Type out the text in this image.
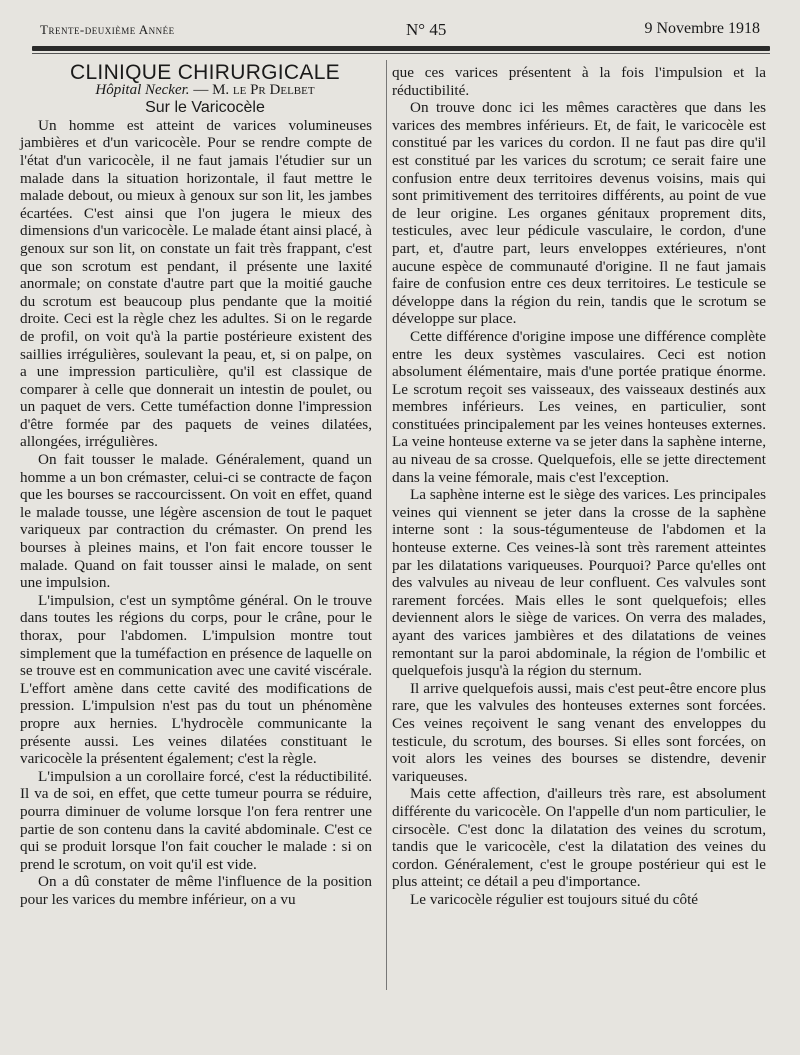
Trente-deuxième Année	N° 45	9 Novembre 1918

CLINIQUE CHIRURGICALE

Hôpital Necker. — M. le Pr Delbet

Sur le Varicocèle

Un homme est atteint de varices volumineuses jambières et d'un varicocèle. Pour se rendre compte de l'état d'un varicocèle, il ne faut jamais l'étudier sur un malade dans la situation horizontale, il faut mettre le malade debout, ou mieux à genoux sur son lit, les jambes écartées. C'est ainsi que l'on jugera le mieux des dimensions d'un varicocèle. Le malade étant ainsi placé, à genoux sur son lit, on constate un fait très frappant, c'est que son scrotum est pendant, il présente une laxité anormale; on constate d'autre part que la moitié gauche du scrotum est beaucoup plus pendante que la moitié droite. Ceci est la règle chez les adultes. Si on le regarde de profil, on voit qu'à la partie postérieure existent des saillies irrégulières, soulevant la peau, et, si on palpe, on a une impression particulière, qu'il est classique de comparer à celle que donnerait un intestin de poulet, ou un paquet de vers. Cette tuméfaction donne l'impression d'être formée par des paquets de veines dilatées, allongées, irrégulières.

On fait tousser le malade. Généralement, quand un homme a un bon crémaster, celui-ci se contracte de façon que les bourses se raccourcissent. On voit en effet, quand le malade tousse, une légère ascension de tout le paquet variqueux par contraction du crémaster. On prend les bourses à pleines mains, et l'on fait encore tousser le malade. Quand on fait tousser ainsi le malade, on sent une impulsion.

L'impulsion, c'est un symptôme général. On le trouve dans toutes les régions du corps, pour le crâne, pour le thorax, pour l'abdomen. L'impulsion montre tout simplement que la tuméfaction en présence de laquelle on se trouve est en communication avec une cavité viscérale. L'effort amène dans cette cavité des modifications de pression. L'impulsion n'est pas du tout un phénomène propre aux hernies. L'hydrocèle communicante la présente aussi. Les veines dilatées constituant le varicocèle la présentent également; c'est la règle.

L'impulsion a un corollaire forcé, c'est la réductibilité. Il va de soi, en effet, que cette tumeur pourra se réduire, pourra diminuer de volume lorsque l'on fera rentrer une partie de son contenu dans la cavité abdominale. C'est ce qui se produit lorsque l'on fait coucher le malade : si on prend le scrotum, on voit qu'il est vide.

On a dû constater de même l'influence de la position pour les varices du membre inférieur, on a vu

que ces varices présentent à la fois l'impulsion et la réductibilité.

On trouve donc ici les mêmes caractères que dans les varices des membres inférieurs. Et, de fait, le varicocèle est constitué par les varices du cordon. Il ne faut pas dire qu'il est constitué par les varices du scrotum; ce serait faire une confusion entre deux territoires devenus voisins, mais qui sont primitivement des territoires différents, au point de vue de leur origine. Les organes génitaux proprement dits, testicules, avec leur pédicule vasculaire, le cordon, d'une part, et, d'autre part, leurs enveloppes extérieures, n'ont aucune espèce de communauté d'origine. Il ne faut jamais faire de confusion entre ces deux territoires. Le testicule se développe dans la région du rein, tandis que le scrotum se développe sur place.

Cette différence d'origine impose une différence complète entre les deux systèmes vasculaires. Ceci est notion absolument élémentaire, mais d'une portée pratique énorme. Le scrotum reçoit ses vaisseaux, des vaisseaux destinés aux membres inférieurs. Les veines, en particulier, sont constituées principalement par les veines honteuses externes. La veine honteuse externe va se jeter dans la saphène interne, au niveau de sa crosse. Quelquefois, elle se jette directement dans la veine fémorale, mais c'est l'exception.

La saphène interne est le siège des varices. Les principales veines qui viennent se jeter dans la crosse de la saphène interne sont : la sous-tégumenteuse de l'abdomen et la honteuse externe. Ces veines-là sont très rarement atteintes par les dilatations variqueuses. Pourquoi? Parce qu'elles ont des valvules au niveau de leur confluent. Ces valvules sont rarement forcées. Mais elles le sont quelquefois; elles deviennent alors le siège de varices. On verra des malades, ayant des varices jambières et des dilatations de veines remontant sur la paroi abdominale, la région de l'ombilic et quelquefois jusqu'à la région du sternum.

Il arrive quelquefois aussi, mais c'est peut-être encore plus rare, que les valvules des honteuses externes sont forcées. Ces veines reçoivent le sang venant des enveloppes du testicule, du scrotum, des bourses. Si elles sont forcées, on voit alors les veines des bourses se distendre, devenir variqueuses.

Mais cette affection, d'ailleurs très rare, est absolument différente du varicocèle. On l'appelle d'un nom particulier, le cirsocèle. C'est donc la dilatation des veines du scrotum, tandis que le varicocèle, c'est la dilatation des veines du cordon. Généralement, c'est le groupe postérieur qui est le plus atteint; ce détail a peu d'importance.

Le varicocèle régulier est toujours situé du côté
